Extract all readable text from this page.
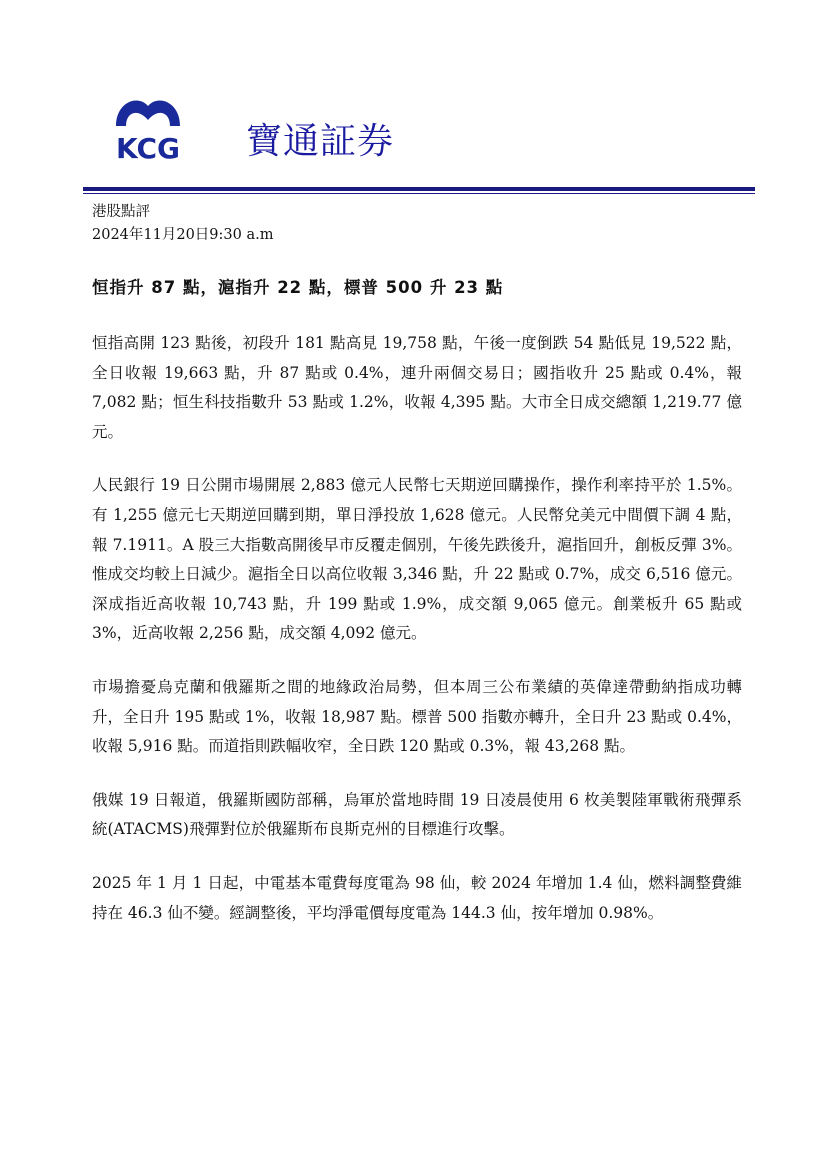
KCG 寶通証券
港股點評
2024年11月20日9:30 a.m
恒指升 87 點，滬指升 22 點，標普 500 升 23 點

恒指高開 123 點後，初段升 181 點高見 19,758 點，午後一度倒跌 54 點低見 19,522 點，全日收報 19,663 點，升 87 點或 0.4%，連升兩個交易日；國指收升 25 點或 0.4%，報 7,082 點；恒生科技指數升 53 點或 1.2%，收報 4,395 點。大市全日成交總額 1,219.77 億元。

人民銀行 19 日公開市場開展 2,883 億元人民幣七天期逆回購操作，操作利率持平於 1.5%。有 1,255 億元七天期逆回購到期，單日淨投放 1,628 億元。人民幣兌美元中間價下調 4 點，報 7.1911。A 股三大指數高開後早市反覆走個別，午後先跌後升，滬指回升，創板反彈 3%。惟成交均較上日減少。滬指全日以高位收報 3,346 點，升 22 點或 0.7%，成交 6,516 億元。深成指近高收報 10,743 點，升 199 點或 1.9%，成交額 9,065 億元。創業板升 65 點或 3%，近高收報 2,256 點，成交額 4,092 億元。

市場擔憂烏克蘭和俄羅斯之間的地緣政治局勢，但本周三公布業績的英偉達帶動納指成功轉升，全日升 195 點或 1%，收報 18,987 點。標普 500 指數亦轉升，全日升 23 點或 0.4%，收報 5,916 點。而道指則跌幅收窄，全日跌 120 點或 0.3%，報 43,268 點。

俄媒 19 日報道，俄羅斯國防部稱，烏軍於當地時間 19 日凌晨使用 6 枚美製陸軍戰術飛彈系統(ATACMS)飛彈對位於俄羅斯布良斯克州的目標進行攻擊。

2025 年 1 月 1 日起，中電基本電費每度電為 98 仙，較 2024 年增加 1.4 仙，燃料調整費維持在 46.3 仙不變。經調整後，平均淨電價每度電為 144.3 仙，按年增加 0.98%。
